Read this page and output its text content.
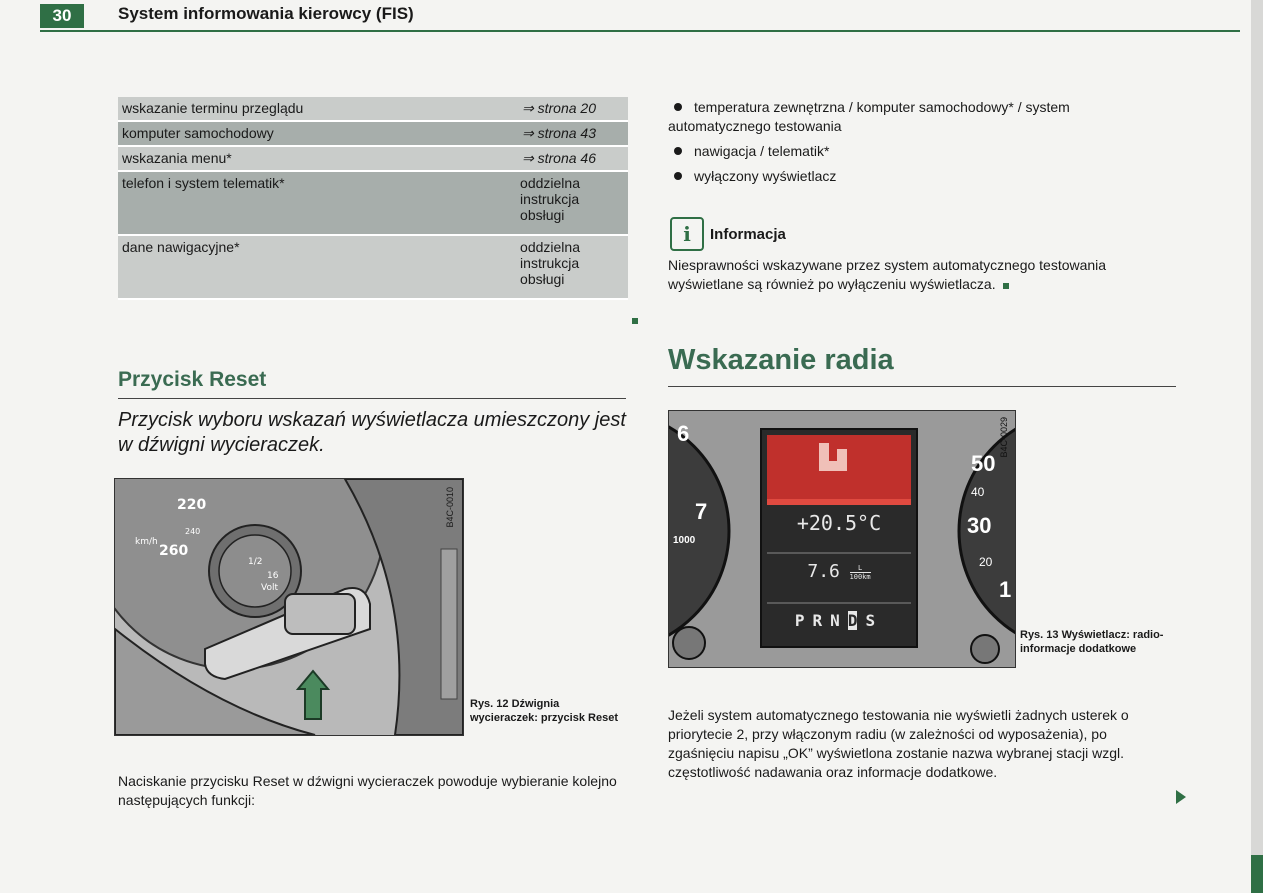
30	System informowania kierowcy (FIS)
wskazanie terminu przeglądu	⇒ strona 20
komputer samochodowy	⇒ strona 43
wskazania menu*	⇒ strona 46
telefon i system telematik*	oddzielna instrukcja obsługi
dane nawigacyjne*	oddzielna instrukcja obsługi
Przycisk Reset
Przycisk wyboru wskazań wyświetlacza umieszczony jest w dźwigni wycieraczek.
220
240
260
km/h
1/2
16
Volt
B4C-0010
Rys. 12 Dźwignia wycieraczek: przycisk Reset
Naciskanie przycisku Reset w dźwigni wycieraczek powoduje wybieranie kolejno następujących funkcji:
temperatura zewnętrzna / komputer samochodowy* / system automatycznego testowania
nawigacja / telematik*
wyłączony wyświetlacz
i	Informacja
Niesprawności wskazywane przez system automatycznego testowania wyświetlane są również po wyłączeniu wyświetlacza.
Wskazanie radia
6
7
1000
50
40
30
20
1
+20.5°C
$7.6 \frac{L}{100km}$
PRND S
B4C-0029
Rys. 13 Wyświetlacz: radio-informacje dodatkowe
Jeżeli system automatycznego testowania nie wyświetli żadnych usterek o priorytecie 2, przy włączonym radiu (w zależności od wyposażenia), po zgaśnięciu napisu „OK” wyświetlona zostanie nazwa wybranej stacji wzgl. częstotliwość nadawania oraz informacje dodatkowe.
